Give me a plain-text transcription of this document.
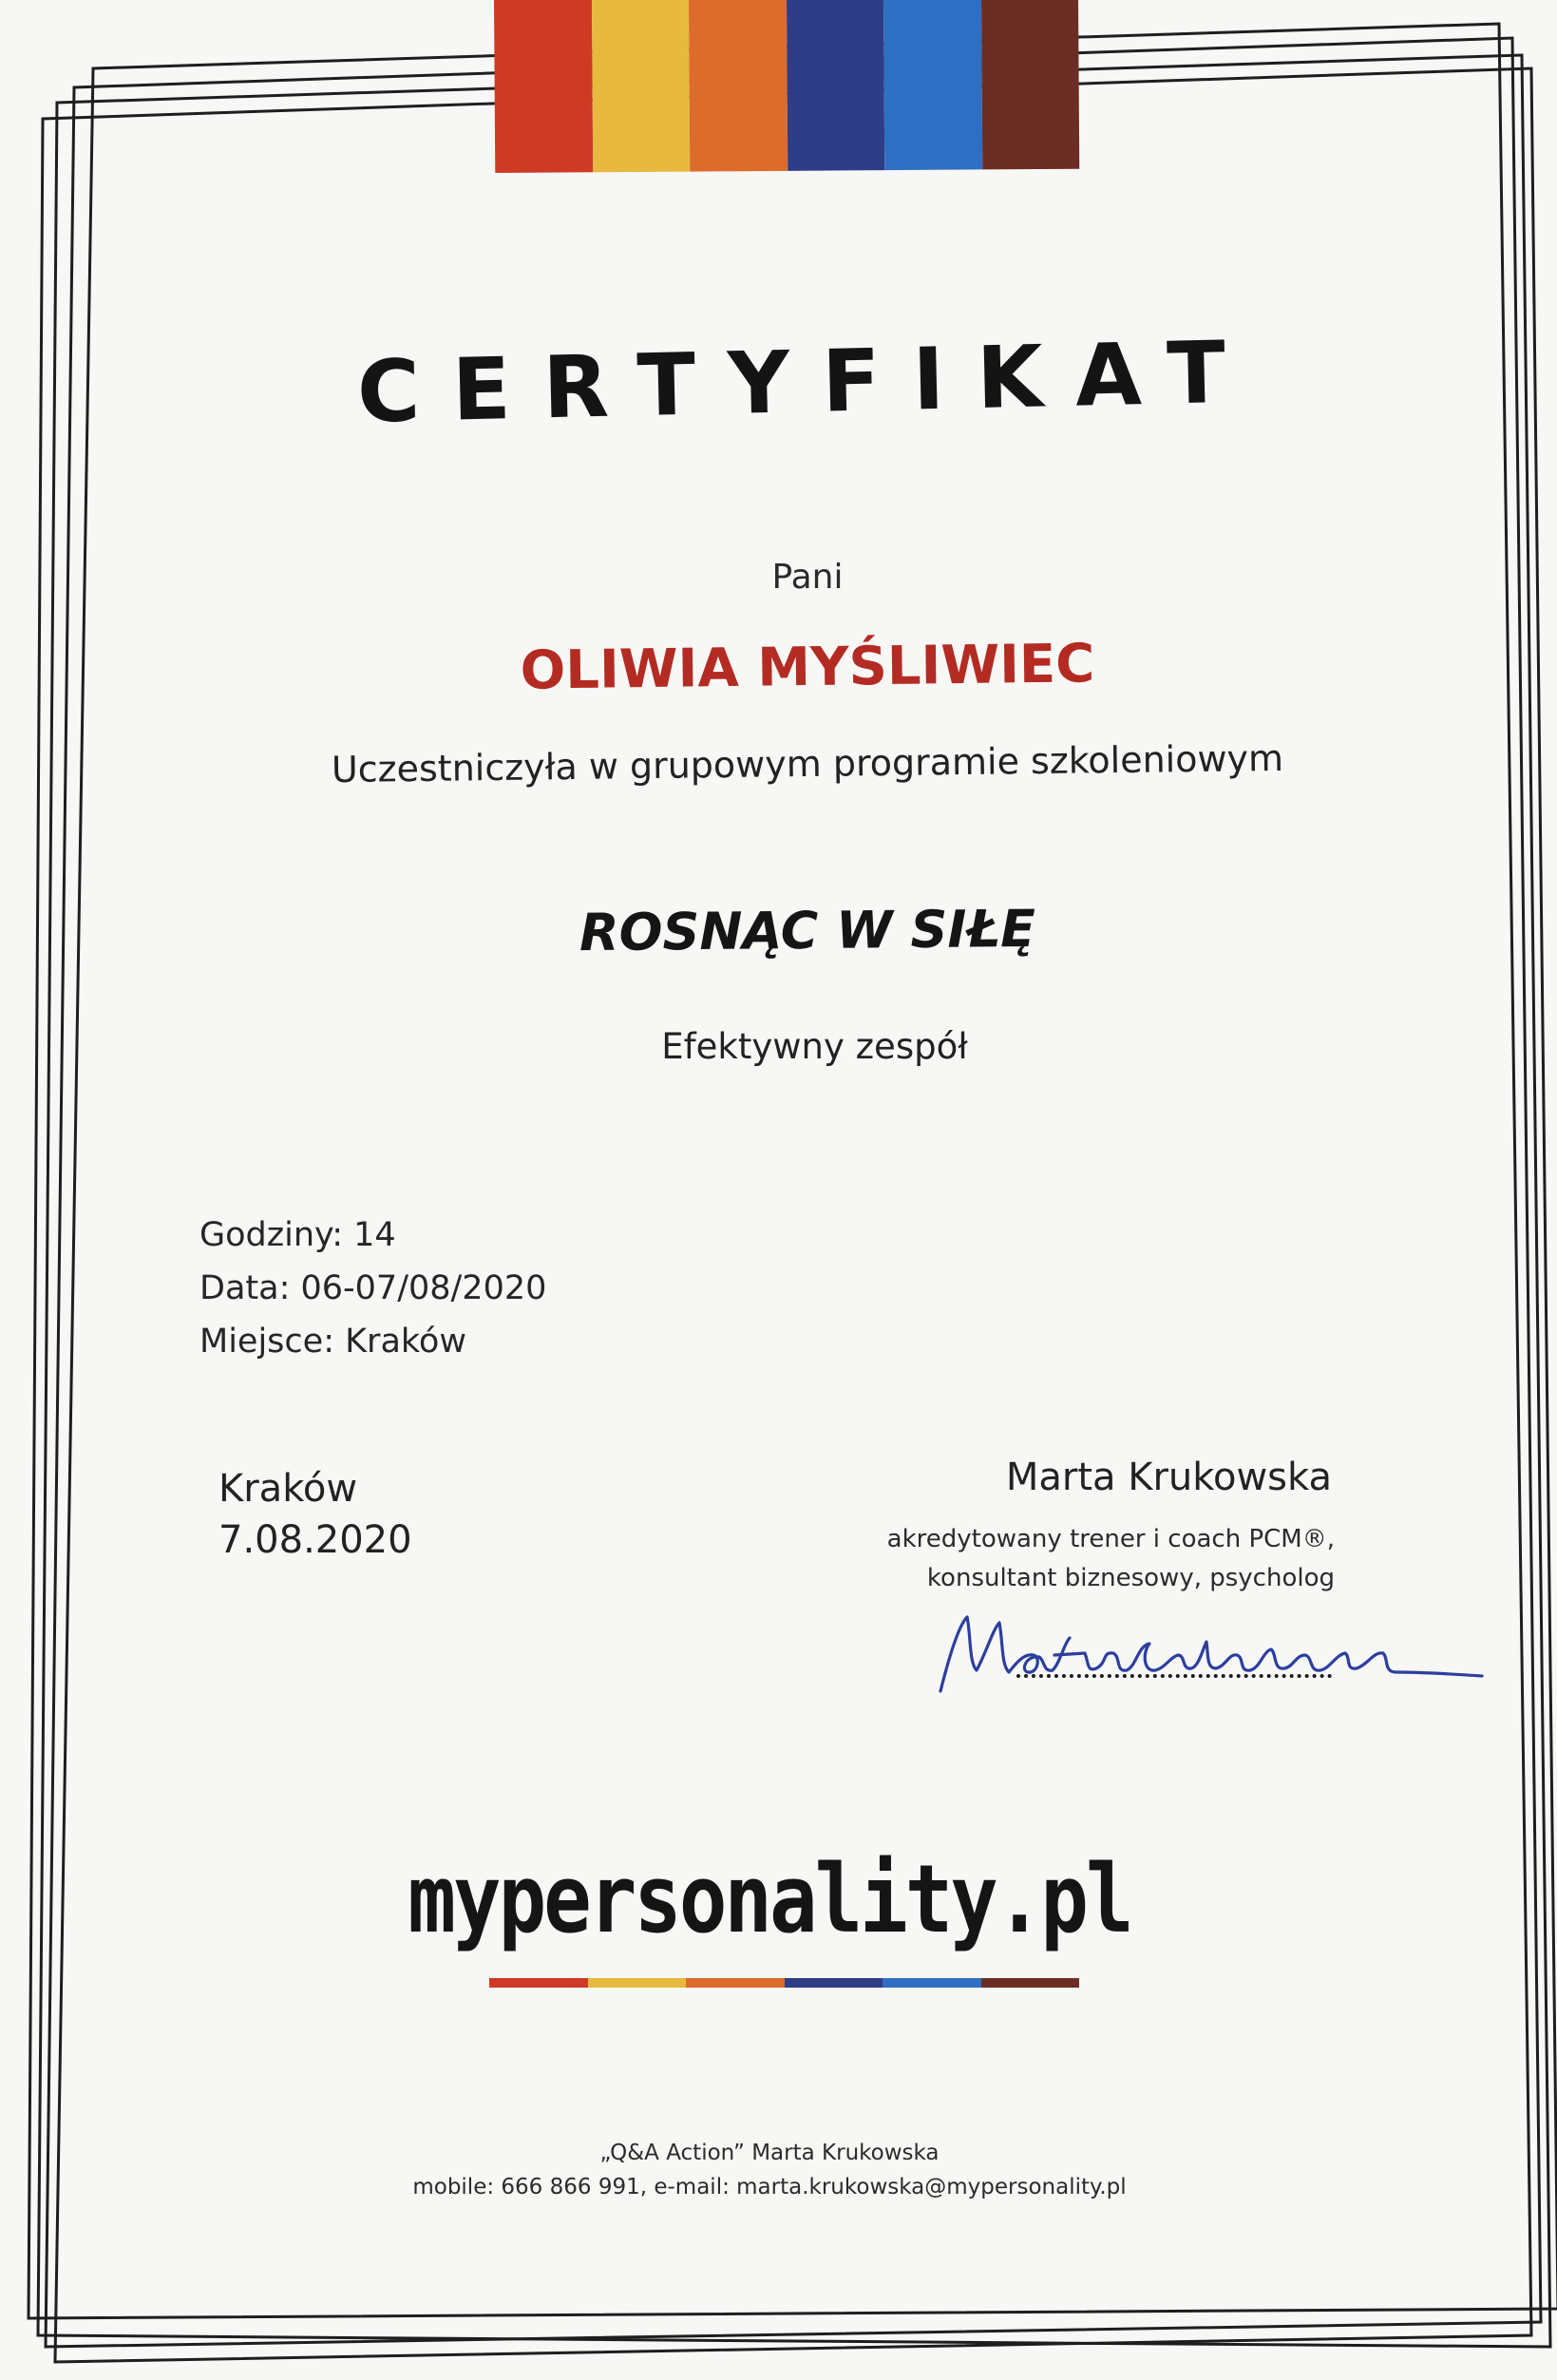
CERTYFIKAT
Pani
OLIWIA MYŚLIWIEC
Uczestniczyła w grupowym programie szkoleniowym
ROSNĄC W SIŁĘ
Efektywny zespół
Godziny: 14
Data: 06-07/08/2020
Miejsce: Kraków
Kraków
7.08.2020
Marta Krukowska
akredytowany trener i coach PCM®,
konsultant biznesowy, psycholog
mypersonality.pl
„Q&A Action” Marta Krukowska
mobile: 666 866 991, e-mail: marta.krukowska@mypersonality.pl
